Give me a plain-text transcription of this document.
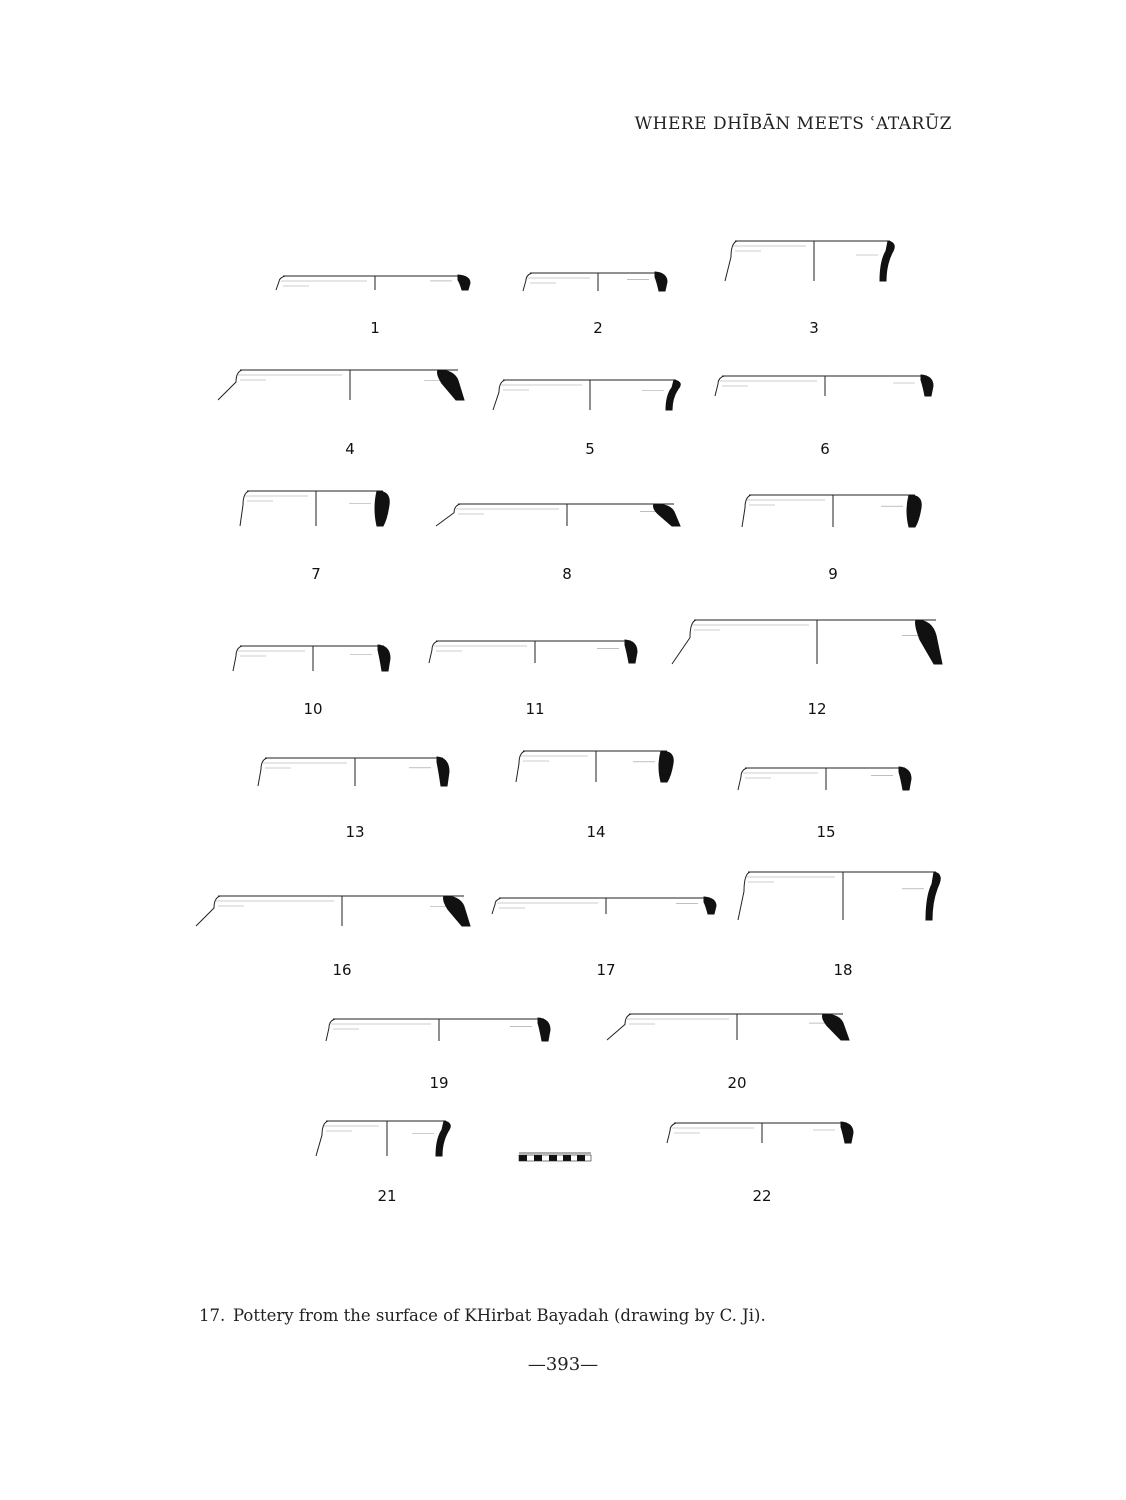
WHERE DHĪBĀN MEETS ʿATARŪZ
1	2	3
4	5	6
7	8	9
10	11	12
13	14	15
16	17	18
19	20
21	22
17. Pottery from the surface of KHirbat Bayadah (drawing by C. Ji).
—393—
